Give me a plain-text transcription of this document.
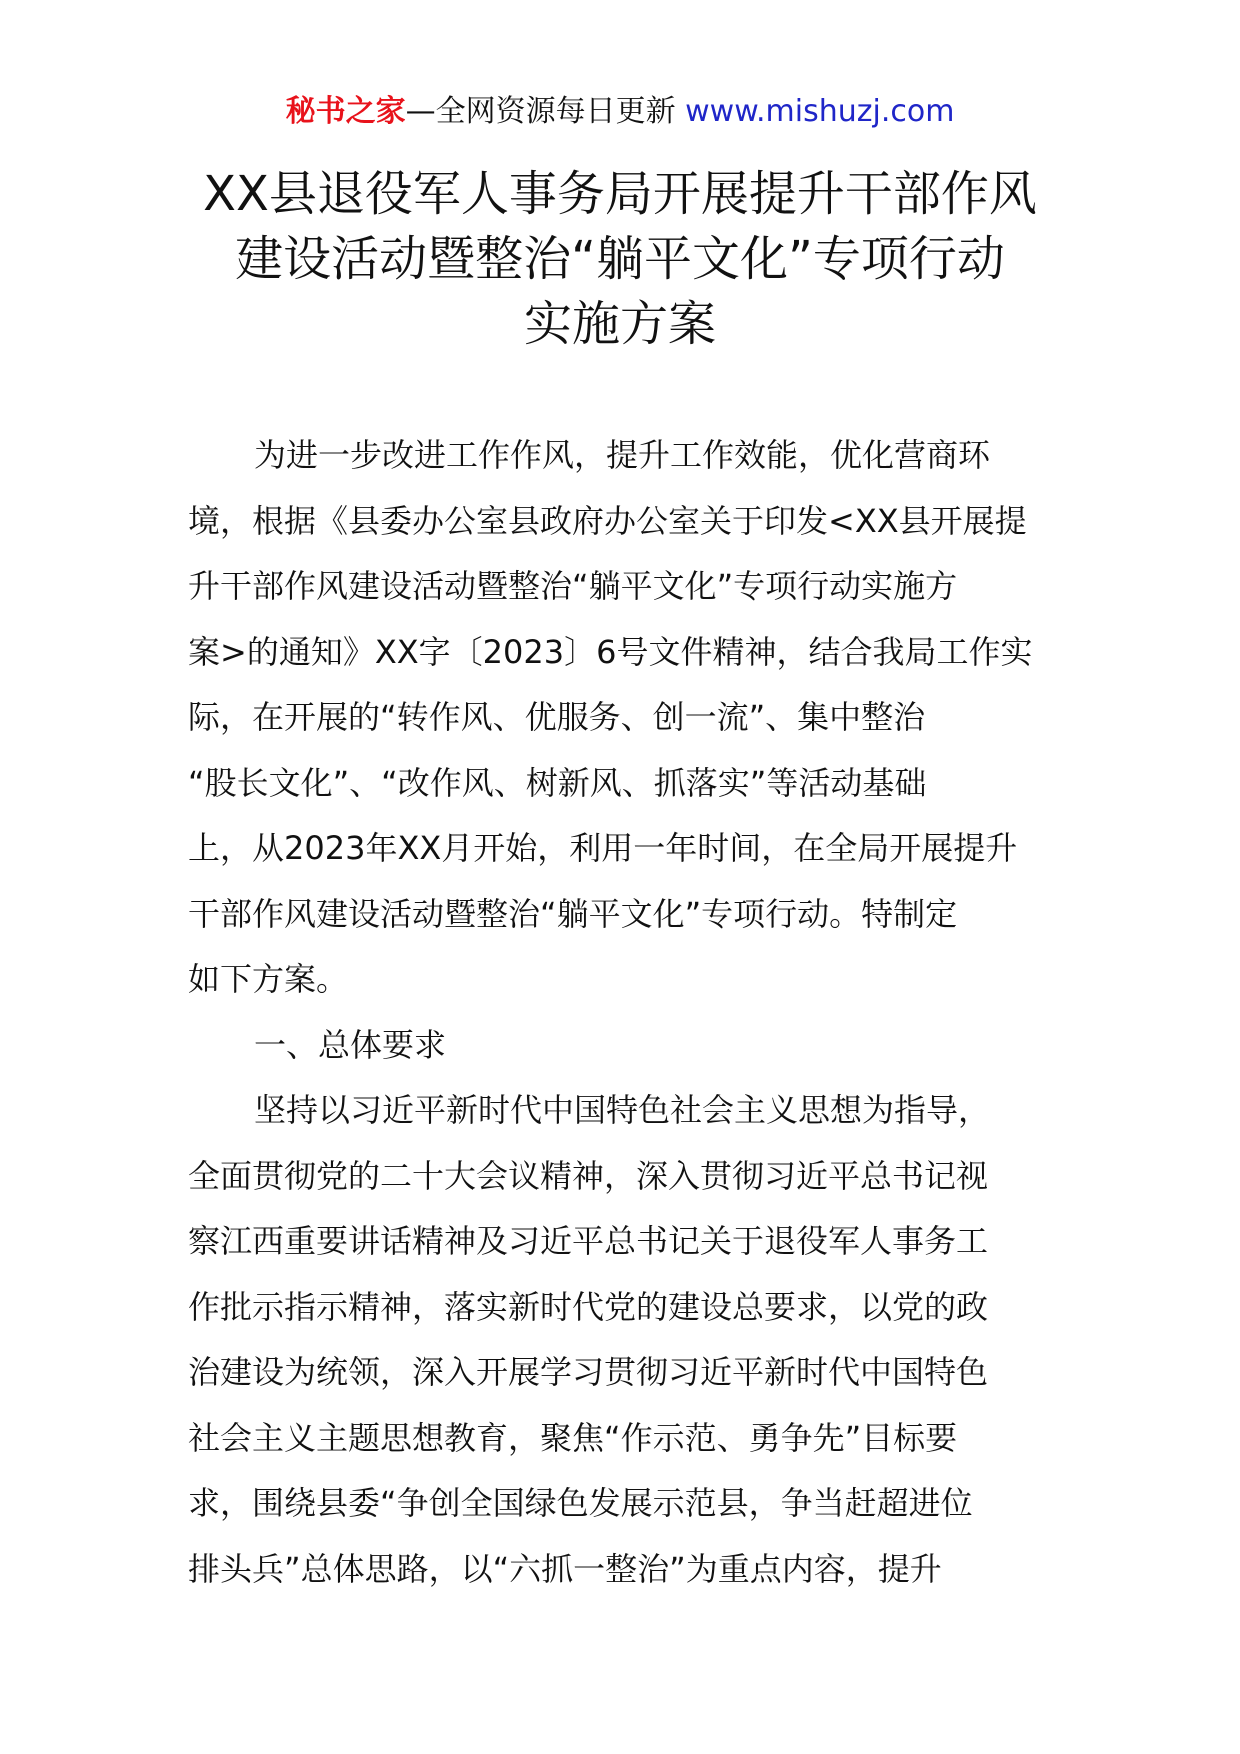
秘书之家—全网资源每日更新 www.mishuzj.com
XX县退役军人事务局开展提升干部作风
建设活动暨整治“躺平文化”专项行动
实施方案
为进一步改进工作作风，提升工作效能，优化营商环
境，根据《县委办公室县政府办公室关于印发<XX县开展提
升干部作风建设活动暨整治“躺平文化”专项行动实施方
案>的通知》XX字〔2023〕6号文件精神，结合我局工作实
际，在开展的“转作风、优服务、创一流”、集中整治
“股长文化”、“改作风、树新风、抓落实”等活动基础
上，从2023年XX月开始，利用一年时间，在全局开展提升
干部作风建设活动暨整治“躺平文化”专项行动。特制定
如下方案。
一、总体要求
坚持以习近平新时代中国特色社会主义思想为指导，
全面贯彻党的二十大会议精神，深入贯彻习近平总书记视
察江西重要讲话精神及习近平总书记关于退役军人事务工
作批示指示精神，落实新时代党的建设总要求，以党的政
治建设为统领，深入开展学习贯彻习近平新时代中国特色
社会主义主题思想教育，聚焦“作示范、勇争先”目标要
求，围绕县委“争创全国绿色发展示范县，争当赶超进位
排头兵”总体思路，以“六抓一整治”为重点内容，提升
